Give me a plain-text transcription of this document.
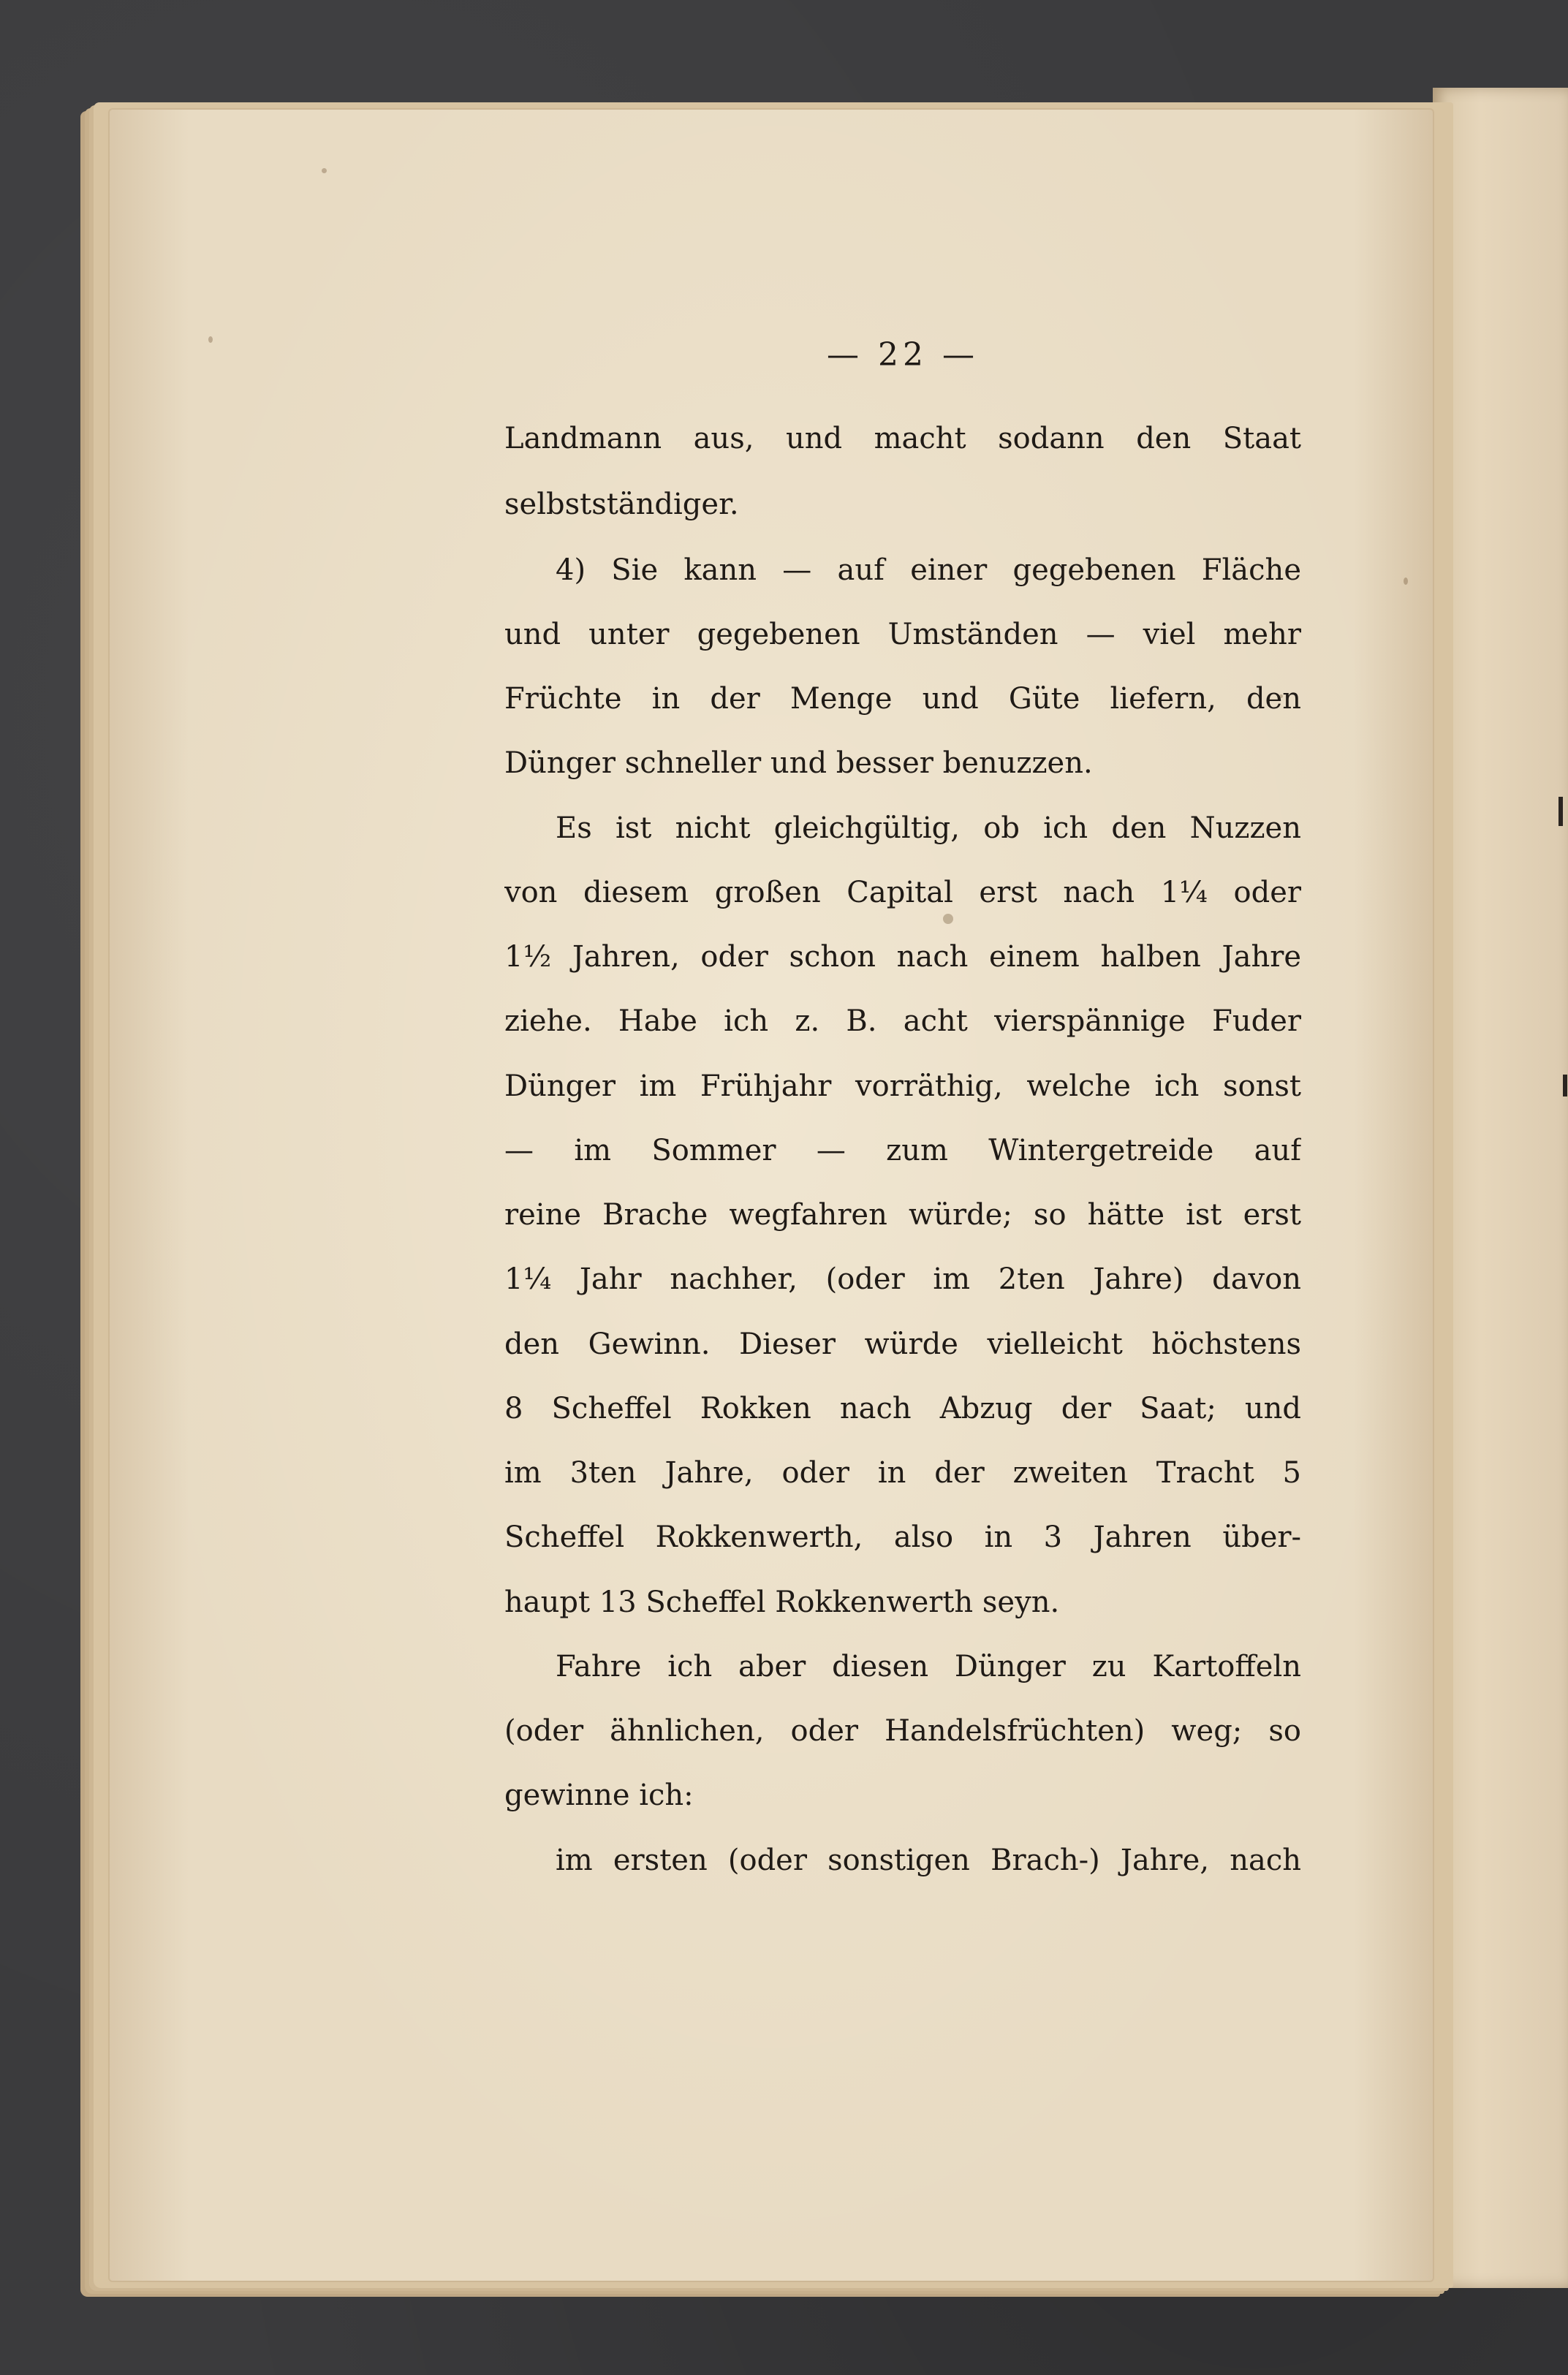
— 22 —
Landmann aus, und macht sodann den Staat
selbstständiger.
4) Sie kann — auf einer gegebenen Fläche
und unter gegebenen Umständen — viel mehr
Früchte in der Menge und Güte liefern, den
Dünger schneller und besser benuzzen.
Es ist nicht gleichgültig, ob ich den Nuzzen
von diesem großen Capital erst nach 1¼ oder
1½ Jahren, oder schon nach einem halben Jahre
ziehe. Habe ich z. B. acht vierspännige Fuder
Dünger im Frühjahr vorräthig, welche ich sonst
— im Sommer — zum Wintergetreide auf
reine Brache wegfahren würde; so hätte ist erst
1¼ Jahr nachher, (oder im 2ten Jahre) davon
den Gewinn. Dieser würde vielleicht höchstens
8 Scheffel Rokken nach Abzug der Saat; und
im 3ten Jahre, oder in der zweiten Tracht 5
Scheffel Rokkenwerth, also in 3 Jahren über-
haupt 13 Scheffel Rokkenwerth seyn.
Fahre ich aber diesen Dünger zu Kartoffeln
(oder ähnlichen, oder Handelsfrüchten) weg; so
gewinne ich:
im ersten (oder sonstigen Brach-) Jahre, nach
